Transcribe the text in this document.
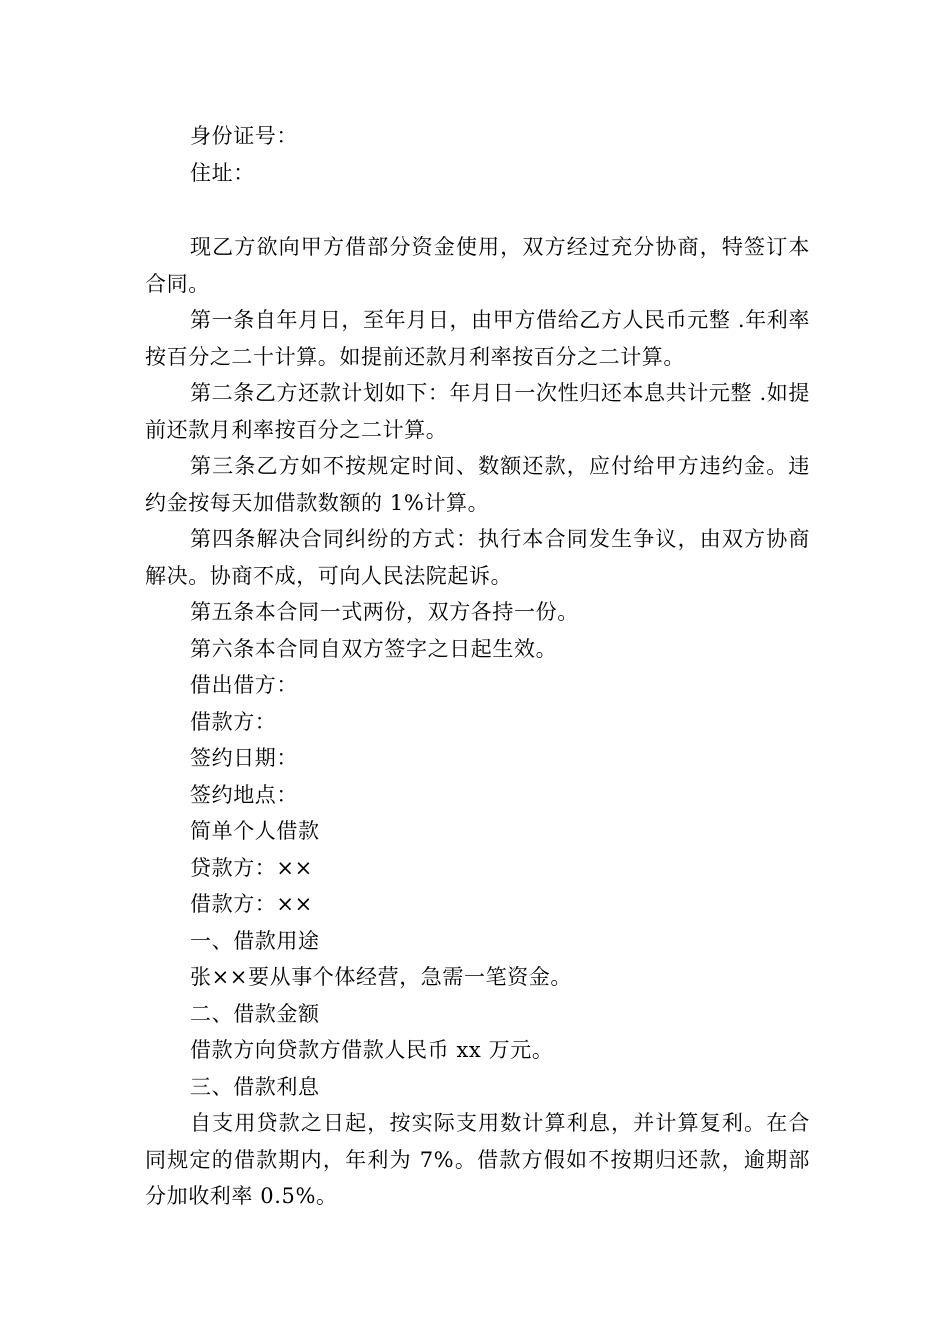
身份证号：

住址：

现乙方欲向甲方借部分资金使用，双方经过充分协商，特签订本合同。

第一条自年月日，至年月日，由甲方借给乙方人民币元整 .年利率按百分之二十计算。如提前还款月利率按百分之二计算。

第二条乙方还款计划如下：年月日一次性归还本息共计元整 .如提前还款月利率按百分之二计算。

第三条乙方如不按规定时间、数额还款，应付给甲方违约金。违约金按每天加借款数额的 1%计算。

第四条解决合同纠纷的方式：执行本合同发生争议，由双方协商解决。协商不成，可向人民法院起诉。

第五条本合同一式两份，双方各持一份。

第六条本合同自双方签字之日起生效。

借出借方：

借款方：

签约日期：

签约地点：

简单个人借款

贷款方：××

借款方：××

一、借款用途

张××要从事个体经营，急需一笔资金。

二、借款金额

借款方向贷款方借款人民币 xx 万元。

三、借款利息

自支用贷款之日起，按实际支用数计算利息，并计算复利。在合同规定的借款期内，年利为 7%。借款方假如不按期归还款，逾期部分加收利率 0.5%。
